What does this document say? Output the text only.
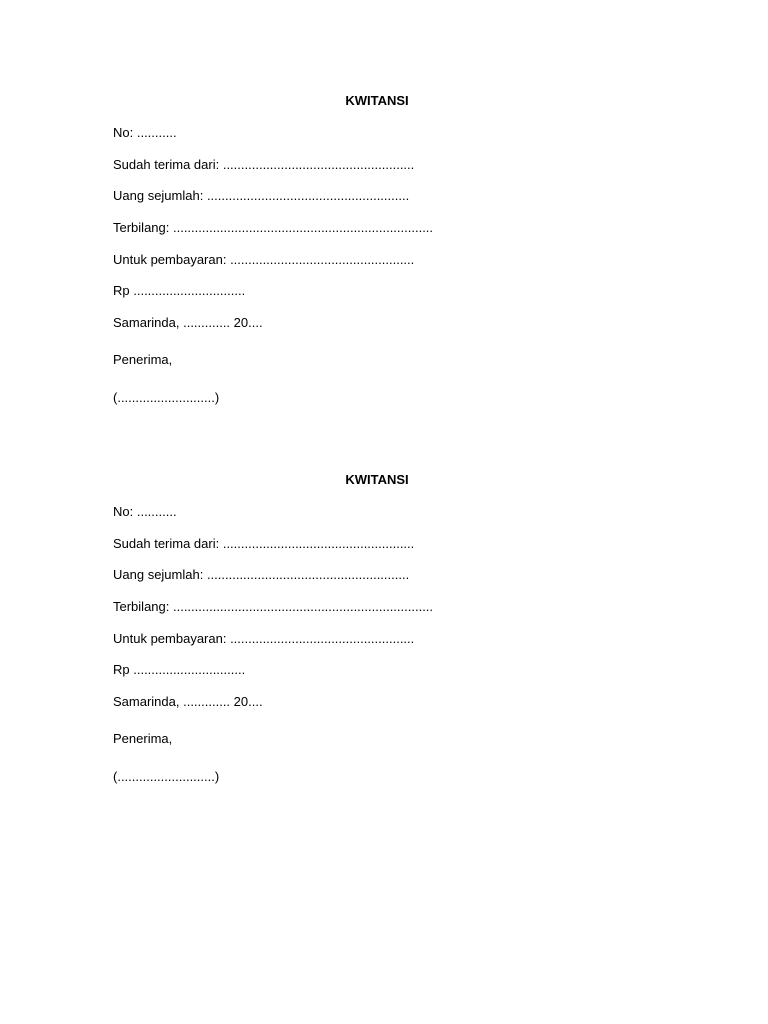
KWITANSI
No: ...........
Sudah terima dari: .....................................................
Uang sejumlah: ........................................................
Terbilang: ........................................................................
Untuk pembayaran: ...................................................
Rp ...............................
Samarinda, ............. 20....
Penerima,
(...........................)
KWITANSI
No: ...........
Sudah terima dari: .....................................................
Uang sejumlah: ........................................................
Terbilang: ........................................................................
Untuk pembayaran: ...................................................
Rp ...............................
Samarinda, ............. 20....
Penerima,
(...........................)
